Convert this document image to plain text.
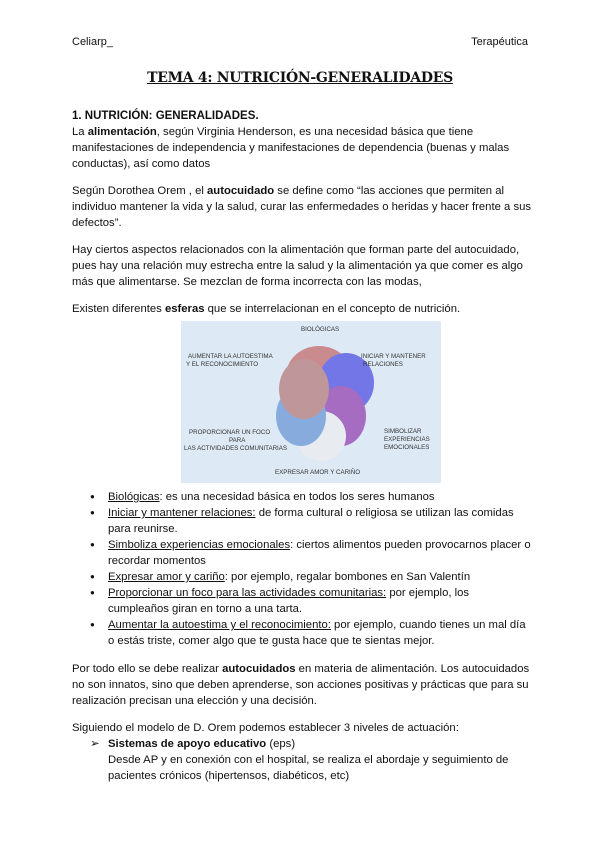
Celiarp_	Terapéutica
TEMA 4: NUTRICIÓN-GENERALIDADES
1. NUTRICIÓN: GENERALIDADES.

La alimentación, según Virginia Henderson, es una necesidad básica que tiene manifestaciones de independencia y manifestaciones de dependencia (buenas y malas conductas), así como datos

Según Dorothea Orem , el autocuidado se define como “las acciones que permiten al individuo mantener la vida y la salud, curar las enfermedades o heridas y hacer frente a sus defectos”.

Hay ciertos aspectos relacionados con la alimentación que forman parte del autocuidado, pues hay una relación muy estrecha entre la salud y la alimentación ya que comer es algo más que alimentarse. Se mezclan de forma incorrecta con las modas,

Existen diferentes esferas que se interrelacionan en el concepto de nutrición.

BIOLÓGICAS
INICIAR Y MANTENER
RELACIONES
SIMBOLIZAR
EXPERIENCIAS
EMOCIONALES
EXPRESAR AMOR Y CARIÑO
PROPORCIONAR UN FOCO
PARA
LAS ACTIVIDADES COMUNITARIAS
AUMENTAR LA AUTOESTIMA
Y EL RECONOCIMIENTO
● Biológicas: es una necesidad básica en todos los seres humanos
● Iniciar y mantener relaciones: de forma cultural o religiosa se utilizan las comidas para reunirse.
● Simboliza experiencias emocionales: ciertos alimentos pueden provocarnos placer o recordar momentos
● Expresar amor y cariño: por ejemplo, regalar bombones en San Valentín
● Proporcionar un foco para las actividades comunitarias: por ejemplo, los cumpleaños giran en torno a una tarta.
● Aumentar la autoestima y el reconocimiento: por ejemplo, cuando tienes un mal día o estás triste, comer algo que te gusta hace que te sientas mejor.

Por todo ello se debe realizar autocuidados en materia de alimentación. Los autocuidados no son innatos, sino que deben aprenderse, son acciones positivas y prácticas que para su realización precisan una elección y una decisión.

Siguiendo el modelo de D. Orem podemos establecer 3 niveles de actuación:

➢ Sistemas de apoyo educativo (eps)
Desde AP y en conexión con el hospital, se realiza el abordaje y seguimiento de pacientes crónicos (hipertensos, diabéticos, etc)
